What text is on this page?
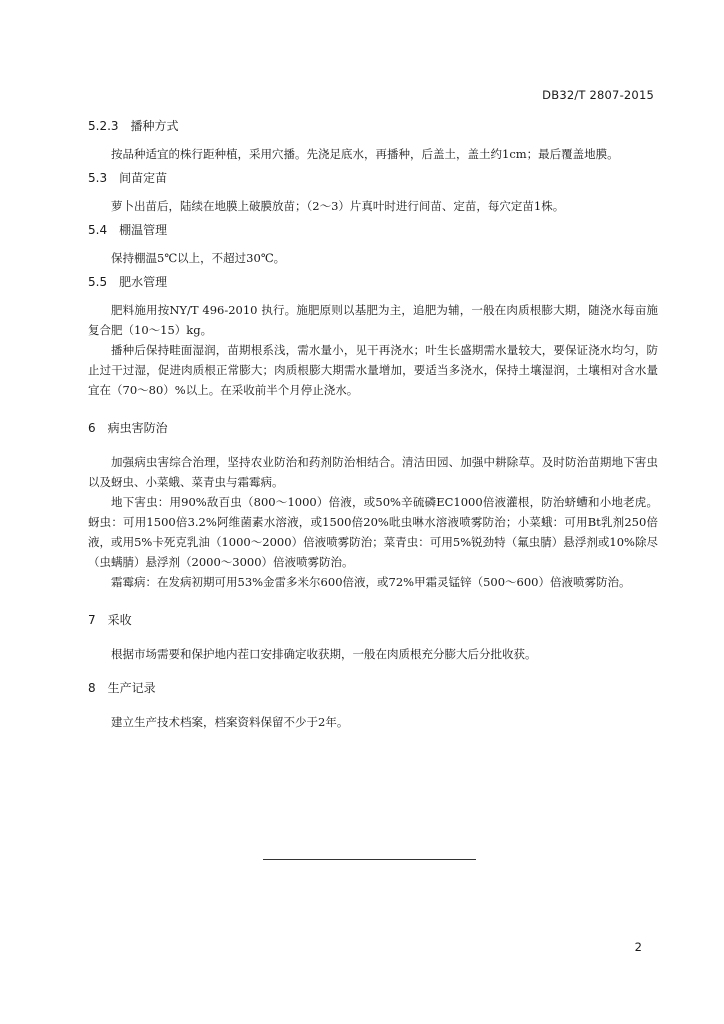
DB32/T 2807-2015
5.2.3 播种方式

按品种适宜的株行距种植，采用穴播。先浇足底水，再播种，后盖土，盖土约1cm；最后覆盖地膜。

5.3 间苗定苗

萝卜出苗后，陆续在地膜上破膜放苗；（2～3）片真叶时进行间苗、定苗，每穴定苗1株。

5.4 棚温管理

保持棚温5℃以上，不超过30℃。

5.5 肥水管理

肥料施用按NY/T 496-2010 执行。施肥原则以基肥为主，追肥为辅，一般在肉质根膨大期，随浇水每亩施复合肥（10～15）kg。

播种后保持畦面湿润，苗期根系浅，需水量小，见干再浇水；叶生长盛期需水量较大，要保证浇水均匀，防止过干过湿，促进肉质根正常膨大；肉质根膨大期需水量增加，要适当多浇水，保持土壤湿润，土壤相对含水量宜在（70～80）%以上。在采收前半个月停止浇水。

6 病虫害防治

加强病虫害综合治理，坚持农业防治和药剂防治相结合。清洁田园、加强中耕除草。及时防治苗期地下害虫以及蚜虫、小菜蛾、菜青虫与霜霉病。

地下害虫：用90%敌百虫（800～1000）倍液，或50%辛硫磷EC1000倍液灌根，防治蛴螬和小地老虎。蚜虫：可用1500倍3.2%阿维菌素水溶液，或1500倍20%吡虫啉水溶液喷雾防治；小菜蛾：可用Bt乳剂250倍液，或用5%卡死克乳油（1000～2000）倍液喷雾防治；菜青虫：可用5%锐劲特（氟虫腈）悬浮剂或10%除尽（虫螨腈）悬浮剂（2000～3000）倍液喷雾防治。

霜霉病：在发病初期可用53%金雷多米尔600倍液，或72%甲霜灵锰锌（500～600）倍液喷雾防治。

7 采收

根据市场需要和保护地内茬口安排确定收获期，一般在肉质根充分膨大后分批收获。

8 生产记录

建立生产技术档案，档案资料保留不少于2年。

2
